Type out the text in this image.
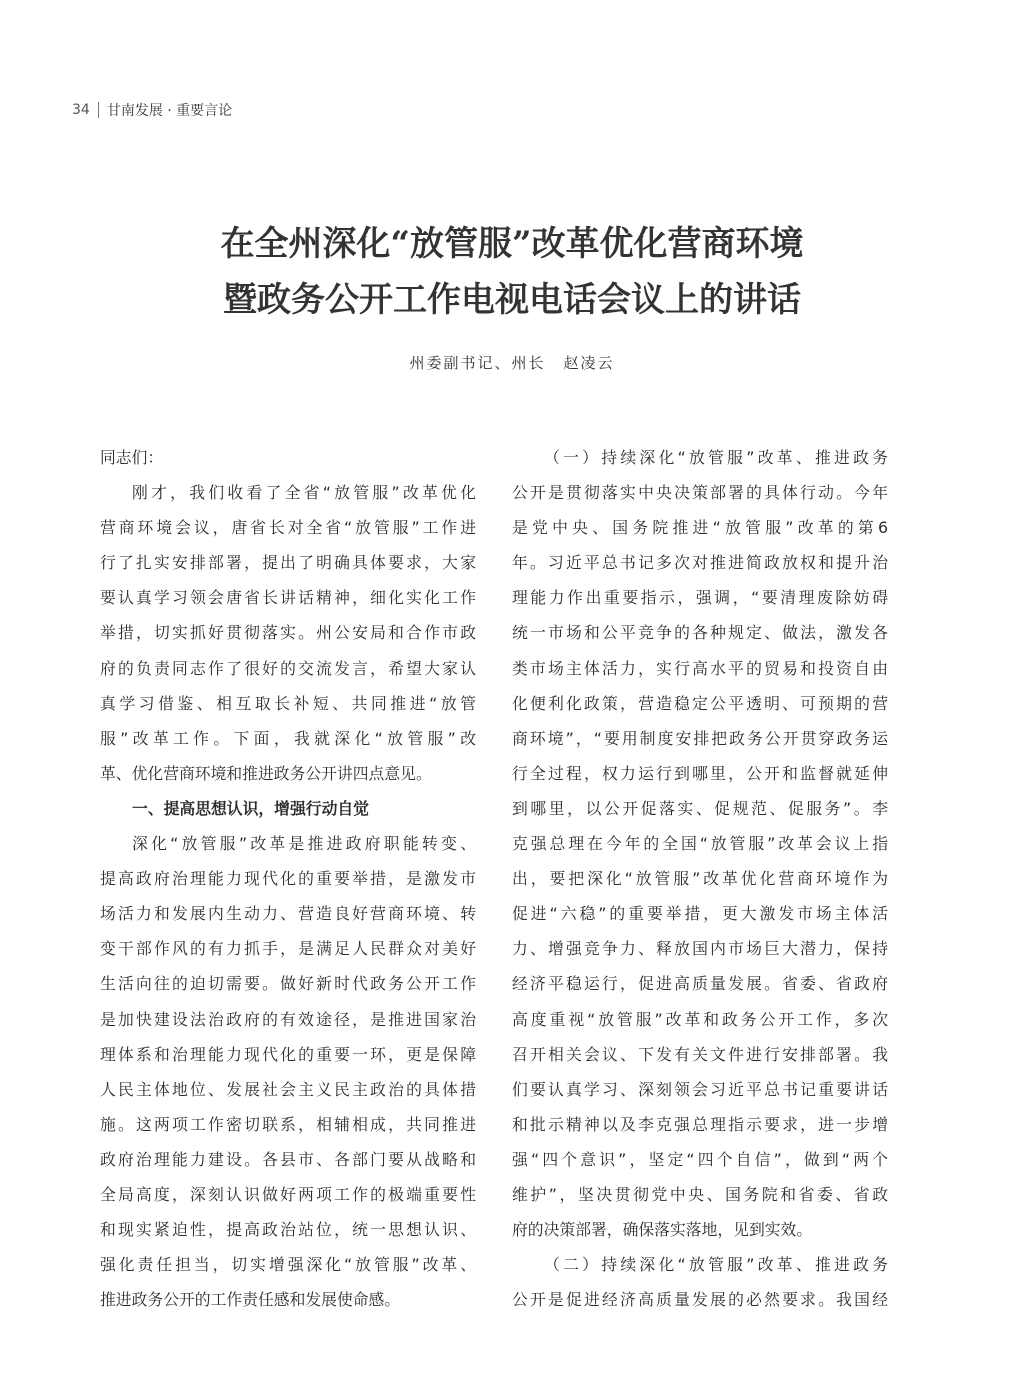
34 甘南发展 · 重要言论
在全州深化“放管服”改革优化营商环境
暨政务公开工作电视电话会议上的讲话
州委副书记、州长 赵凌云
同志们：
刚才，我们收看了全省“放管服”改革优化
营商环境会议，唐省长对全省“放管服”工作进
行了扎实安排部署，提出了明确具体要求，大家
要认真学习领会唐省长讲话精神，细化实化工作
举措，切实抓好贯彻落实。州公安局和合作市政
府的负责同志作了很好的交流发言，希望大家认
真学习借鉴、相互取长补短、共同推进“放管
服”改革工作。下面，我就深化“放管服”改
革、优化营商环境和推进政务公开讲四点意见。
一、提高思想认识，增强行动自觉
深化“放管服”改革是推进政府职能转变、
提高政府治理能力现代化的重要举措，是激发市
场活力和发展内生动力、营造良好营商环境、转
变干部作风的有力抓手，是满足人民群众对美好
生活向往的迫切需要。做好新时代政务公开工作
是加快建设法治政府的有效途径，是推进国家治
理体系和治理能力现代化的重要一环，更是保障
人民主体地位、发展社会主义民主政治的具体措
施。这两项工作密切联系，相辅相成，共同推进
政府治理能力建设。各县市、各部门要从战略和
全局高度，深刻认识做好两项工作的极端重要性
和现实紧迫性，提高政治站位，统一思想认识、
强化责任担当，切实增强深化“放管服”改革、
推进政务公开的工作责任感和发展使命感。
（一）持续深化“放管服”改革、推进政务
公开是贯彻落实中央决策部署的具体行动。今年
是党中央、国务院推进“放管服”改革的第6
年。习近平总书记多次对推进简政放权和提升治
理能力作出重要指示，强调，“要清理废除妨碍
统一市场和公平竞争的各种规定、做法，激发各
类市场主体活力，实行高水平的贸易和投资自由
化便利化政策，营造稳定公平透明、可预期的营
商环境”，“要用制度安排把政务公开贯穿政务运
行全过程，权力运行到哪里，公开和监督就延伸
到哪里，以公开促落实、促规范、促服务”。李
克强总理在今年的全国“放管服”改革会议上指
出，要把深化“放管服”改革优化营商环境作为
促进“六稳”的重要举措，更大激发市场主体活
力、增强竞争力、释放国内市场巨大潜力，保持
经济平稳运行，促进高质量发展。省委、省政府
高度重视“放管服”改革和政务公开工作，多次
召开相关会议、下发有关文件进行安排部署。我
们要认真学习、深刻领会习近平总书记重要讲话
和批示精神以及李克强总理指示要求，进一步增
强“四个意识”，坚定“四个自信”，做到“两个
维护”，坚决贯彻党中央、国务院和省委、省政
府的决策部署，确保落实落地，见到实效。
（二）持续深化“放管服”改革、推进政务
公开是促进经济高质量发展的必然要求。我国经
